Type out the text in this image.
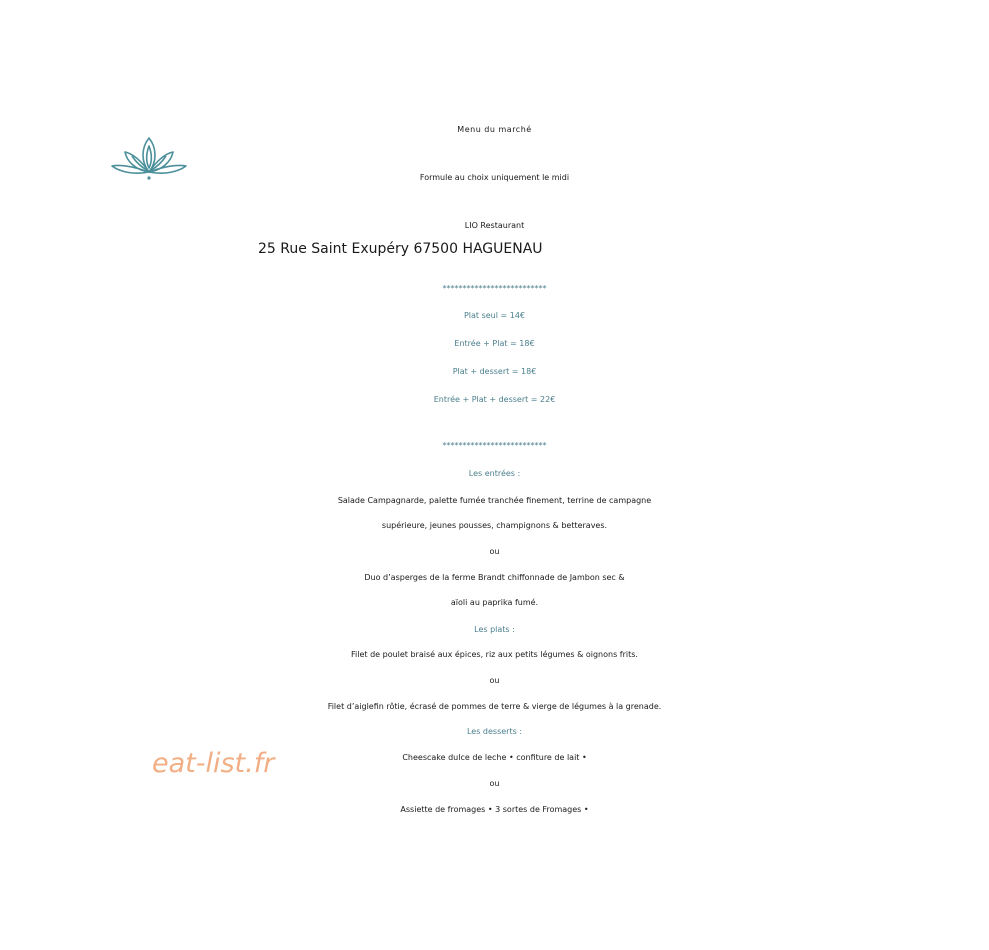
Menu du marché
Formule au choix uniquement le midi
LIO Restaurant
25 Rue Saint Exupéry 67500 HAGUENAU
**************************
Plat seul = 14€
Entrée + Plat = 18€
Plat + dessert = 18€
Entrée + Plat + dessert = 22€
**************************
Les entrées :
Salade Campagnarde, palette fumée tranchée finement, terrine de campagne
supérieure, jeunes pousses, champignons & betteraves.
ou
Duo d’asperges de la ferme Brandt chiffonnade de Jambon sec &
aïoli au paprika fumé.
Les plats :
Filet de poulet braisé aux épices, riz aux petits légumes & oignons frits.
ou
Filet d’aiglefin rôtie, écrasé de pommes de terre & vierge de légumes à la grenade.
Les desserts :
Cheescake dulce de leche • confiture de lait •
ou
Assiette de fromages • 3 sortes de Fromages •
eat-list.fr
